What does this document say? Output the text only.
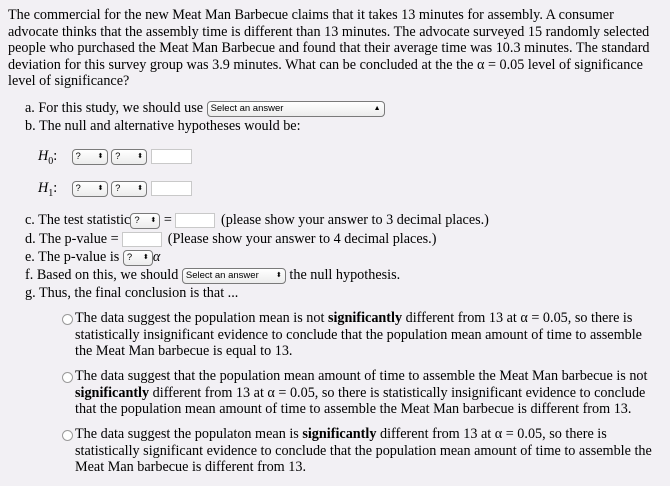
The commercial for the new Meat Man Barbecue claims that it takes 13 minutes for assembly. A consumer advocate thinks that the assembly time is different than 13 minutes. The advocate surveyed 15 randomly selected people who purchased the Meat Man Barbecue and found that their average time was 10.3 minutes. The standard deviation for this survey group was 3.9 minutes. What can be concluded at the the α = 0.05 level of significance level of significance?
a. For this study, we should use Select an answer	▲

b. The null and alternative hypotheses would be:
$H_0$: ? ⬍ ? ⬍

$H_1$: ? ⬍ ? ⬍

c. The test statistic ? ⬍ =	(please show your answer to 3 decimal places.)
d. The p-value =	(Please show your answer to 4 decimal places.)
e. The p-value is ? ⬍ α
f. Based on this, we should Select an answer ⬍ the null hypothesis.
g. Thus, the final conclusion is that ...
The data suggest the population mean is not significantly different from 13 at α = 0.05, so there is statistically insignificant evidence to conclude that the population mean amount of time to assemble the Meat Man barbecue is equal to 13.
The data suggest that the population mean amount of time to assemble the Meat Man barbecue is not significantly different from 13 at α = 0.05, so there is statistically insignificant evidence to conclude that the population mean amount of time to assemble the Meat Man barbecue is different from 13.
The data suggest the populaton mean is significantly different from 13 at α = 0.05, so there is statistically significant evidence to conclude that the population mean amount of time to assemble the Meat Man barbecue is different from 13.
